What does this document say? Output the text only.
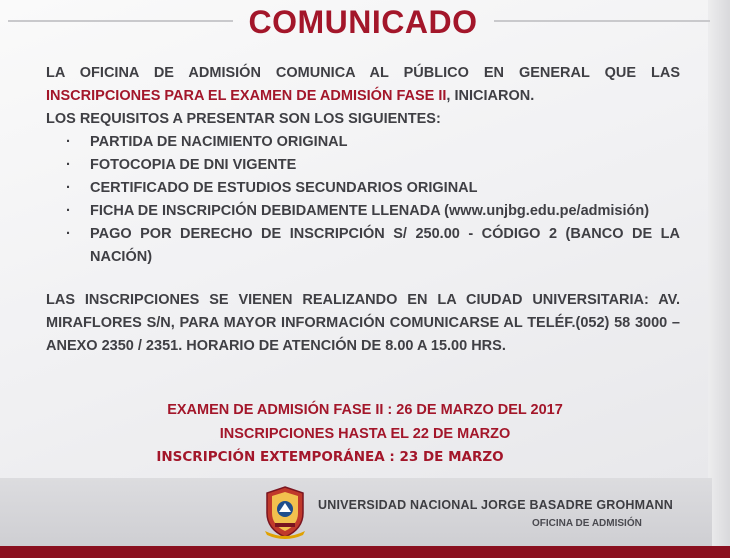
COMUNICADO
LA OFICINA DE ADMISIÓN COMUNICA AL PÚBLICO EN GENERAL QUE LAS INSCRIPCIONES PARA EL EXAMEN DE ADMISIÓN FASE II, INICIARON.
LOS REQUISITOS A PRESENTAR SON LOS SIGUIENTES:
· PARTIDA DE NACIMIENTO ORIGINAL
· FOTOCOPIA DE DNI VIGENTE
· CERTIFICADO DE ESTUDIOS SECUNDARIOS ORIGINAL
· FICHA DE INSCRIPCIÓN DEBIDAMENTE LLENADA (www.unjbg.edu.pe/admisión)
· PAGO POR DERECHO DE INSCRIPCIÓN S/ 250.00 - CÓDIGO 2 (BANCO DE LA NACIÓN)
LAS INSCRIPCIONES SE VIENEN REALIZANDO EN LA CIUDAD UNIVERSITARIA: AV. MIRAFLORES S/N, PARA MAYOR INFORMACIÓN COMUNICARSE AL TELÉF.(052) 58 3000 – ANEXO 2350 / 2351. HORARIO DE ATENCIÓN DE 8.00 A 15.00 HRS.
EXAMEN DE ADMISIÓN FASE II : 26 DE MARZO DEL 2017
INSCRIPCIONES HASTA EL 22 DE MARZO
INSCRIPCIÓN EXTEMPORÁNEA : 23 DE MARZO
UNIVERSIDAD NACIONAL JORGE BASADRE GROHMANN
OFICINA DE ADMISIÓN
